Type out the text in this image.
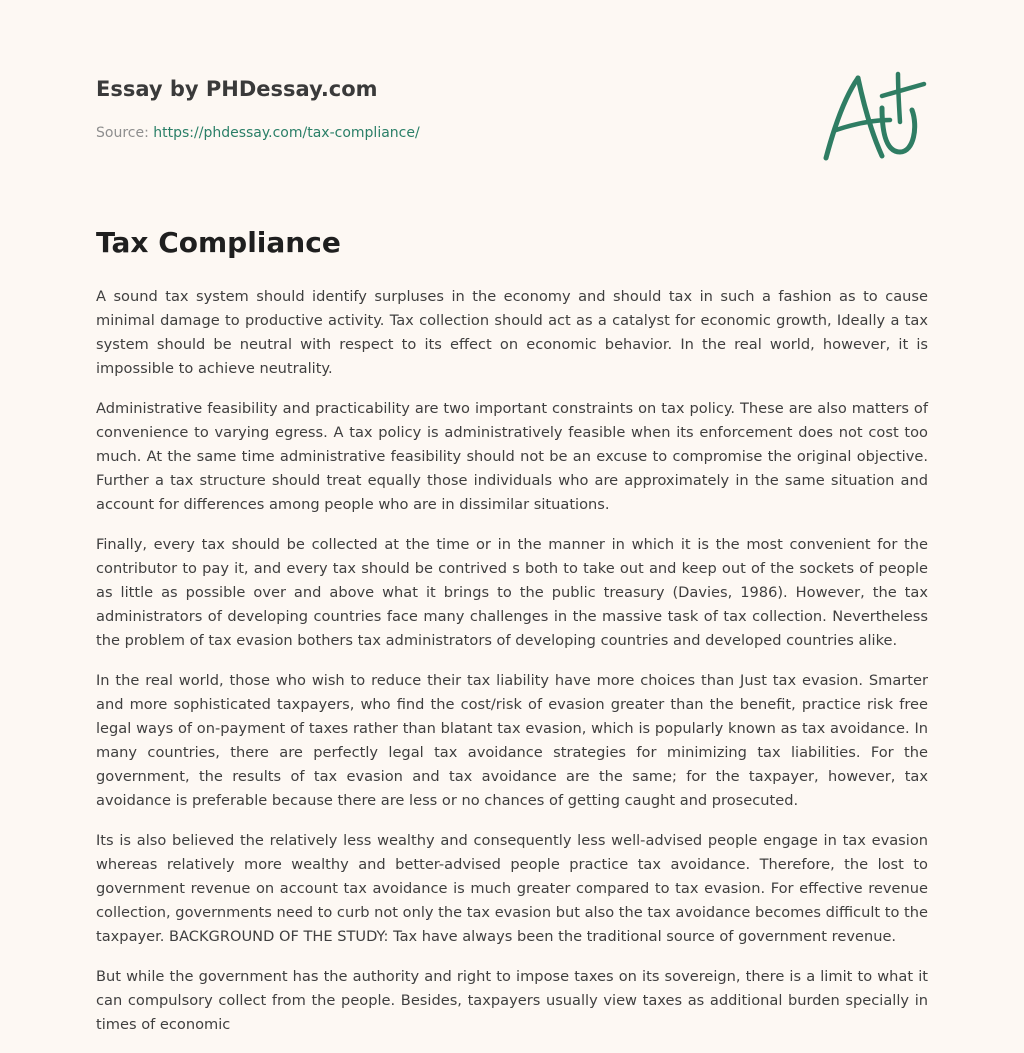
Essay by PHDessay.com
Source: https://phdessay.com/tax-compliance/
Tax Compliance

A sound tax system should identify surpluses in the economy and should tax in such a fashion as to cause minimal damage to productive activity. Tax collection should act as a catalyst for economic growth, Ideally a tax system should be neutral with respect to its effect on economic behavior. In the real world, however, it is impossible to achieve neutrality.

Administrative feasibility and practicability are two important constraints on tax policy. These are also matters of convenience to varying egress. A tax policy is administratively feasible when its enforcement does not cost too much. At the same time administrative feasibility should not be an excuse to compromise the original objective. Further a tax structure should treat equally those individuals who are approximately in the same situation and account for differences among people who are in dissimilar situations.

Finally, every tax should be collected at the time or in the manner in which it is the most convenient for the contributor to pay it, and every tax should be contrived s both to take out and keep out of the sockets of people as little as possible over and above what it brings to the public treasury (Davies, 1986). However, the tax administrators of developing countries face many challenges in the massive task of tax collection. Nevertheless the problem of tax evasion bothers tax administrators of developing countries and developed countries alike.

In the real world, those who wish to reduce their tax liability have more choices than Just tax evasion. Smarter and more sophisticated taxpayers, who find the cost/risk of evasion greater than the benefit, practice risk free legal ways of on-payment of taxes rather than blatant tax evasion, which is popularly known as tax avoidance. In many countries, there are perfectly legal tax avoidance strategies for minimizing tax liabilities. For the government, the results of tax evasion and tax avoidance are the same; for the taxpayer, however, tax avoidance is preferable because there are less or no chances of getting caught and prosecuted.

Its is also believed the relatively less wealthy and consequently less well-advised people engage in tax evasion whereas relatively more wealthy and better-advised people practice tax avoidance. Therefore, the lost to government revenue on account tax avoidance is much greater compared to tax evasion. For effective revenue collection, governments need to curb not only the tax evasion but also the tax avoidance becomes difficult to the taxpayer. BACKGROUND OF THE STUDY: Tax have always been the traditional source of government revenue.

But while the government has the authority and right to impose taxes on its sovereign, there is a limit to what it can compulsory collect from the people. Besides, taxpayers usually view taxes as additional burden specially in times of economic
